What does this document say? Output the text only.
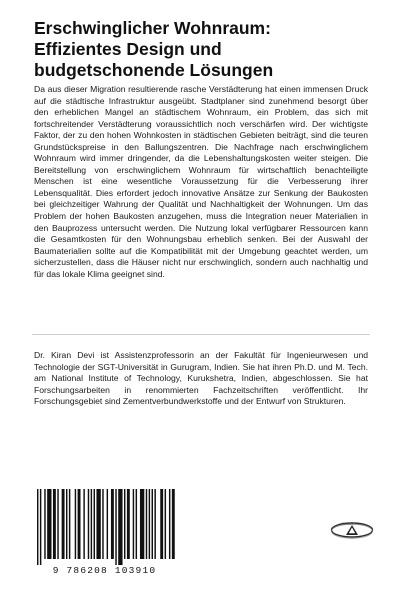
Erschwinglicher Wohnraum:
Effizientes Design und
budgetschonende Lösungen

Da aus dieser Migration resultierende rasche Verstädterung hat einen immensen Druck auf die städtische Infrastruktur ausgeübt. Stadtplaner sind zunehmend besorgt über den erheblichen Mangel an städtischem Wohnraum, ein Problem, das sich mit fortschreitender Verstädterung voraussichtlich noch verschärfen wird. Der wichtigste Faktor, der zu den hohen Wohnkosten in städtischen Gebieten beiträgt, sind die teuren Grundstückspreise in den Ballungszentren. Die Nachfrage nach erschwinglichem Wohnraum wird immer dringender, da die Lebenshaltungskosten weiter steigen. Die Bereitstellung von erschwinglichem Wohnraum für wirtschaftlich benachteiligte Menschen ist eine wesentliche Voraussetzung für die Verbesserung ihrer Lebensqualität. Dies erfordert jedoch innovative Ansätze zur Senkung der Baukosten bei gleichzeitiger Wahrung der Qualität und Nachhaltigkeit der Wohnungen. Um das Problem der hohen Baukosten anzugehen, muss die Integration neuer Materialien in den Bauprozess untersucht werden. Die Nutzung lokal verfügbarer Ressourcen kann die Gesamtkosten für den Wohnungsbau erheblich senken. Bei der Auswahl der Baumaterialien sollte auf die Kompatibilität mit der Umgebung geachtet werden, um sicherzustellen, dass die Häuser nicht nur erschwinglich, sondern auch nachhaltig und für das lokale Klima geeignet sind.

Dr. Kiran Devi ist Assistenzprofessorin an der Fakultät für Ingenieurwesen und Technologie der SGT-Universität in Gurugram, Indien. Sie hat ihren Ph.D. und M. Tech. am National Institute of Technology, Kurukshetra, Indien, abgeschlossen. Sie hat Forschungsarbeiten in renommierten Fachzeitschriften veröffentlicht. Ihr Forschungsgebiet sind Zementverbundwerkstoffe und der Entwurf von Strukturen.

9 786208 103910
Scholars' Press
